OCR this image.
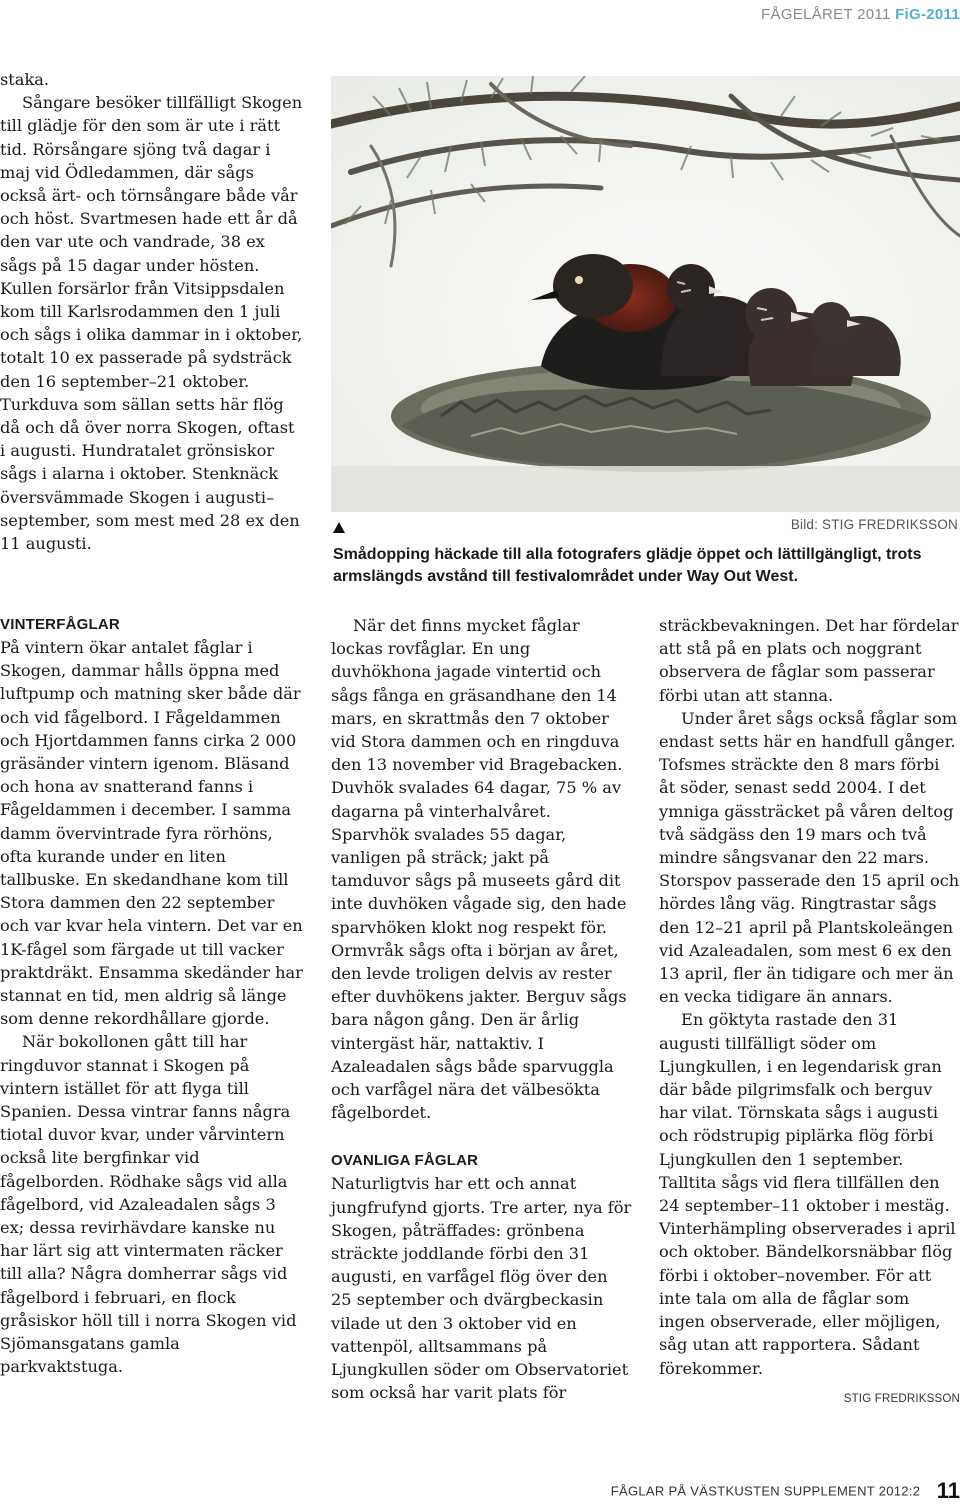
FÅGELÅRET 2011 FiG-2011

staka.

Sångare besöker tillfälligt Skogen till glädje för den som är ute i rätt tid. Rörsångare sjöng två dagar i maj vid Ödledammen, där sågs också ärt- och törnsångare både vår och höst. Svartmesen hade ett år då den var ute och vandrade, 38 ex sågs på 15 dagar under hösten. Kullen forsärlor från Vitsippsdalen kom till Karlsrodammen den 1 juli och sågs i olika dammar in i oktober, totalt 10 ex passerade på sydsträck den 16 september–21 oktober. Turkduva som sällan setts här flög då och då över norra Skogen, oftast i augusti. Hundratalet grönsiskor sågs i alarna i oktober. Stenknäck översvämmade Skogen i augusti–september, som mest med 28 ex den 11 augusti.

Bild: STIG FREDRIKSSON

Smådopping häckade till alla fotografers glädje öppet och lättillgängligt, trots armslängds avstånd till festivalområdet under Way Out West.

VINTERFÅGLAR

På vintern ökar antalet fåglar i Skogen, dammar hålls öppna med luftpump och matning sker både där och vid fågelbord. I Fågeldammen och Hjortdammen fanns cirka 2 000 gräsänder vintern igenom. Bläsand och hona av snatterand fanns i Fågeldammen i december. I samma damm övervintrade fyra rörhöns, ofta kurande under en liten tallbuske. En skedandhane kom till Stora dammen den 22 september och var kvar hela vintern. Det var en 1K-fågel som färgade ut till vacker praktdräkt. Ensamma skedänder har stannat en tid, men aldrig så länge som denne rekordhållare gjorde.

När bokollonen gått till har ringduvor stannat i Skogen på vintern istället för att flyga till Spanien. Dessa vintrar fanns några tiotal duvor kvar, under vårvintern också lite bergfinkar vid fågelborden. Rödhake sågs vid alla fågelbord, vid Azaleadalen sågs 3 ex; dessa revirhävdare kanske nu har lärt sig att vintermaten räcker till alla? Några domherrar sågs vid fågelbord i februari, en flock gråsiskor höll till i norra Skogen vid Sjömansgatans gamla parkvaktstuga.

När det finns mycket fåglar lockas rovfåglar. En ung duvhökhona jagade vintertid och sågs fånga en gräsandhane den 14 mars, en skrattmås den 7 oktober vid Stora dammen och en ringduva den 13 november vid Bragebacken. Duvhök svalades 64 dagar, 75 % av dagarna på vinterhalvåret. Sparvhök svalades 55 dagar, vanligen på sträck; jakt på tamduvor sågs på museets gård dit inte duvhöken vågade sig, den hade sparvhöken klokt nog respekt för. Ormvråk sågs ofta i början av året, den levde troligen delvis av rester efter duvhökens jakter. Berguv sågs bara någon gång. Den är årlig vintergäst här, nattaktiv. I Azaleadalen sågs både sparvuggla och varfågel nära det välbesökta fågelbordet.

OVANLIGA FÅGLAR

Naturligtvis har ett och annat jungfrufynd gjorts. Tre arter, nya för Skogen, påträffades: grönbena sträckte joddlande förbi den 31 augusti, en varfågel flög över den 25 september och dvärgbeckasin vilade ut den 3 oktober vid en vattenpöl, alltsammans på Ljungkullen söder om Observatoriet som också har varit plats för

sträckbevakningen. Det har fördelar att stå på en plats och noggrant observera de fåglar som passerar förbi utan att stanna.

Under året sågs också fåglar som endast setts här en handfull gånger. Tofsmes sträckte den 8 mars förbi åt söder, senast sedd 2004. I det ymniga gässträcket på våren deltog två sädgäss den 19 mars och två mindre sångsvanar den 22 mars. Storspov passerade den 15 april och hördes lång väg. Ringtrastar sågs den 12–21 april på Plantskoleängen vid Azaleadalen, som mest 6 ex den 13 april, fler än tidigare och mer än en vecka tidigare än annars.

En göktyta rastade den 31 augusti tillfälligt söder om Ljungkullen, i en legendarisk gran där både pilgrimsfalk och berguv har vilat. Törnskata sågs i augusti och rödstrupig piplärka flög förbi Ljungkullen den 1 september. Talltita sågs vid flera tillfällen den 24 september–11 oktober i mestäg. Vinterhämpling observerades i april och oktober. Bändelkorsnäbbar flög förbi i oktober–november. För att inte tala om alla de fåglar som ingen observerade, eller möjligen, såg utan att rapportera. Sådant förekommer.

STIG FREDRIKSSON
FÅGLAR PÅ VÄSTKUSTEN SUPPLEMENT 2012:2 11
